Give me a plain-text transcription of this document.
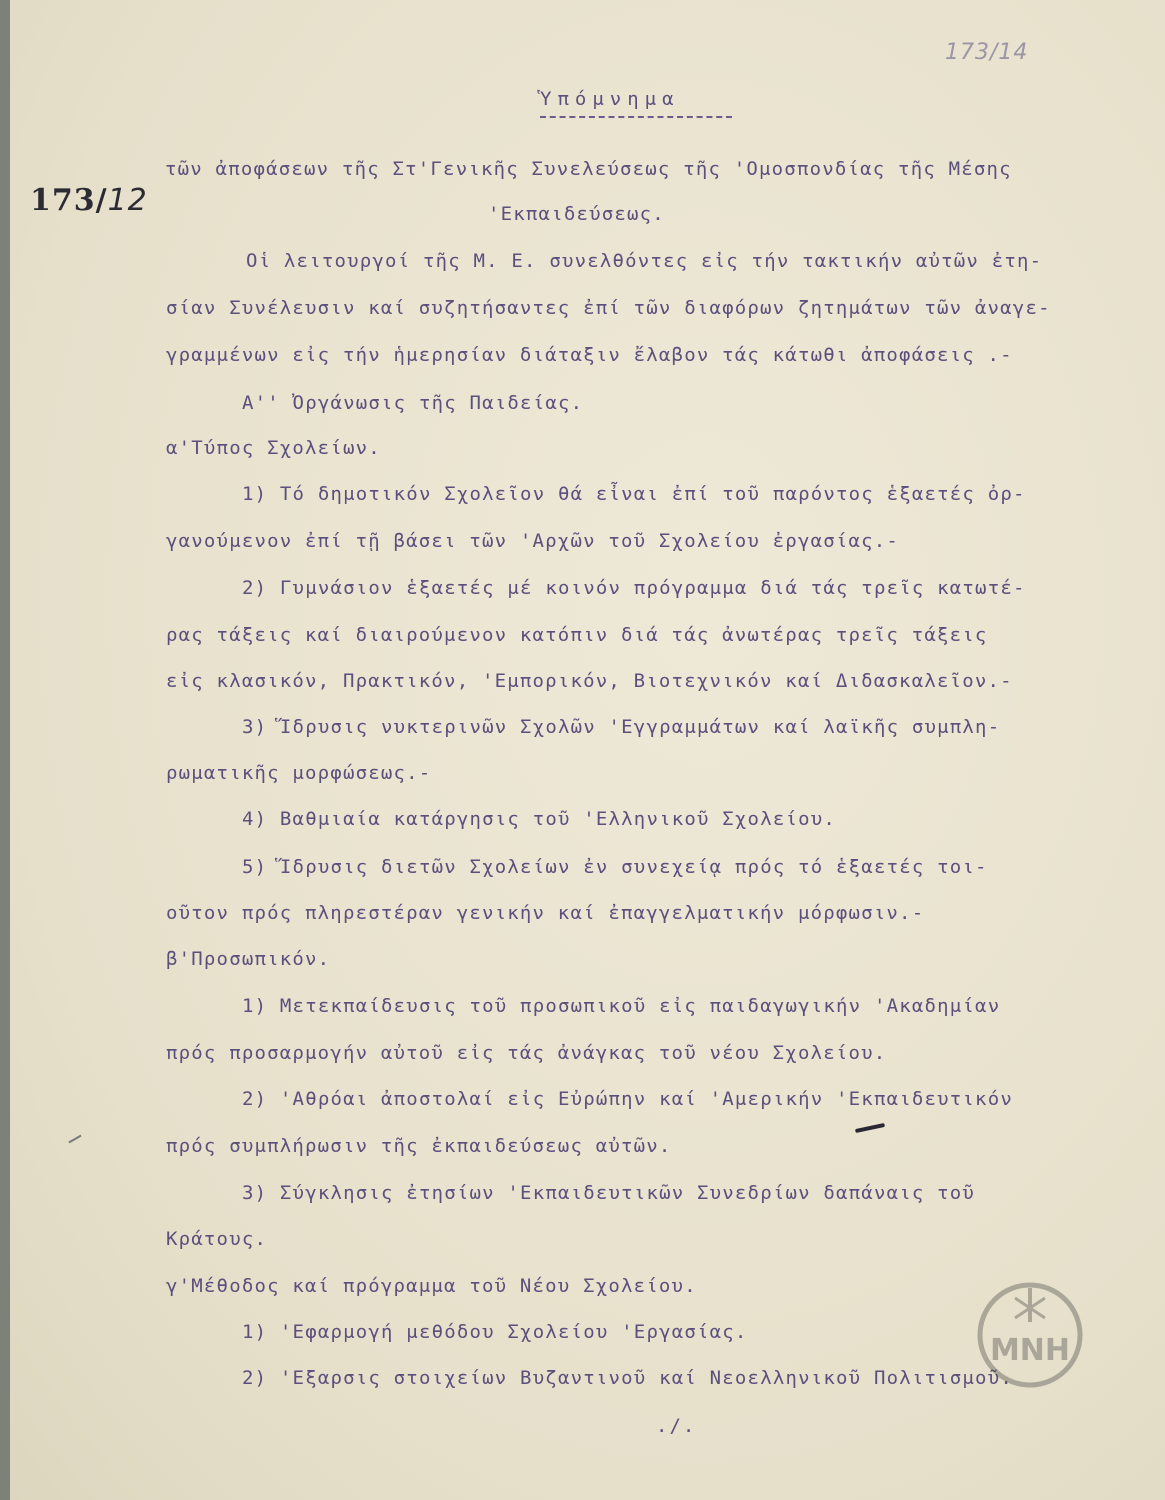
173/14
173/12
Ὑπόμνημα
τῶν ἀποφάσεων τῆς Στ'Γενικῆς Συνελεύσεως τῆς 'Ομοσπονδίας τῆς Μέσης
'Εκπαιδεύσεως.
Οἱ λειτουργοί τῆς Μ. Ε. συνελθόντες εἰς τήν τακτικήν αὐτῶν ἐτη-
σίαν Συνέλευσιν καί συζητήσαντες ἐπί τῶν διαφόρων ζητημάτων τῶν ἀναγε-
γραμμένων εἰς τήν ἡμερησίαν διάταξιν ἔλαβον τάς κάτωθι ἀποφάσεις .-
Α'' Ὀργάνωσις τῆς Παιδείας.
α'Τύπος Σχολείων.
1) Τό δημοτικόν Σχολεῖον θά εἶναι ἐπί τοῦ παρόντος ἑξαετές ὀρ-
γανούμενον ἐπί τῇ βάσει τῶν 'Αρχῶν τοῦ Σχολείου ἐργασίας.-
2) Γυμνάσιον ἑξαετές μέ κοινόν πρόγραμμα διά τάς τρεῖς κατωτέ-
ρας τάξεις καί διαιρούμενον κατόπιν διά τάς ἀνωτέρας τρεῖς τάξεις
εἰς κλασικόν, Πρακτικόν, 'Εμπορικόν, Βιοτεχνικόν καί Διδασκαλεῖον.-
3) Ἵδρυσις νυκτερινῶν Σχολῶν 'Εγγραμμάτων καί λαϊκῆς συμπλη-
ρωματικῆς μορφώσεως.-
4) Βαθμιαία κατάργησις τοῦ 'Ελληνικοῦ Σχολείου.
5) Ἵδρυσις διετῶν Σχολείων ἐν συνεχείᾳ πρός τό ἑξαετές τοι-
οῦτον πρός πληρεστέραν γενικήν καί ἐπαγγελματικήν μόρφωσιν.-
β'Προσωπικόν.
1) Μετεκπαίδευσις τοῦ προσωπικοῦ εἰς παιδαγωγικήν 'Ακαδημίαν
πρός προσαρμογήν αὐτοῦ εἰς τάς ἀνάγκας τοῦ νέου Σχολείου.
2) 'Αθρόαι ἀποστολαί εἰς Εὐρώπην καί 'Αμερικήν 'Εκπαιδευτικόν
πρός συμπλήρωσιν τῆς ἐκπαιδεύσεως αὐτῶν.
3) Σύγκλησις ἐτησίων 'Εκπαιδευτικῶν Συνεδρίων δαπάναις τοῦ
Κράτους.
γ'Μέθοδος καί πρόγραμμα τοῦ Νέου Σχολείου.
1) 'Εφαρμογή μεθόδου Σχολείου 'Εργασίας.
2) 'Εξαρσις στοιχείων Βυζαντινοῦ καί Νεοελληνικοῦ Πολιτισμοῦ.
./.
ΜΝΗ
